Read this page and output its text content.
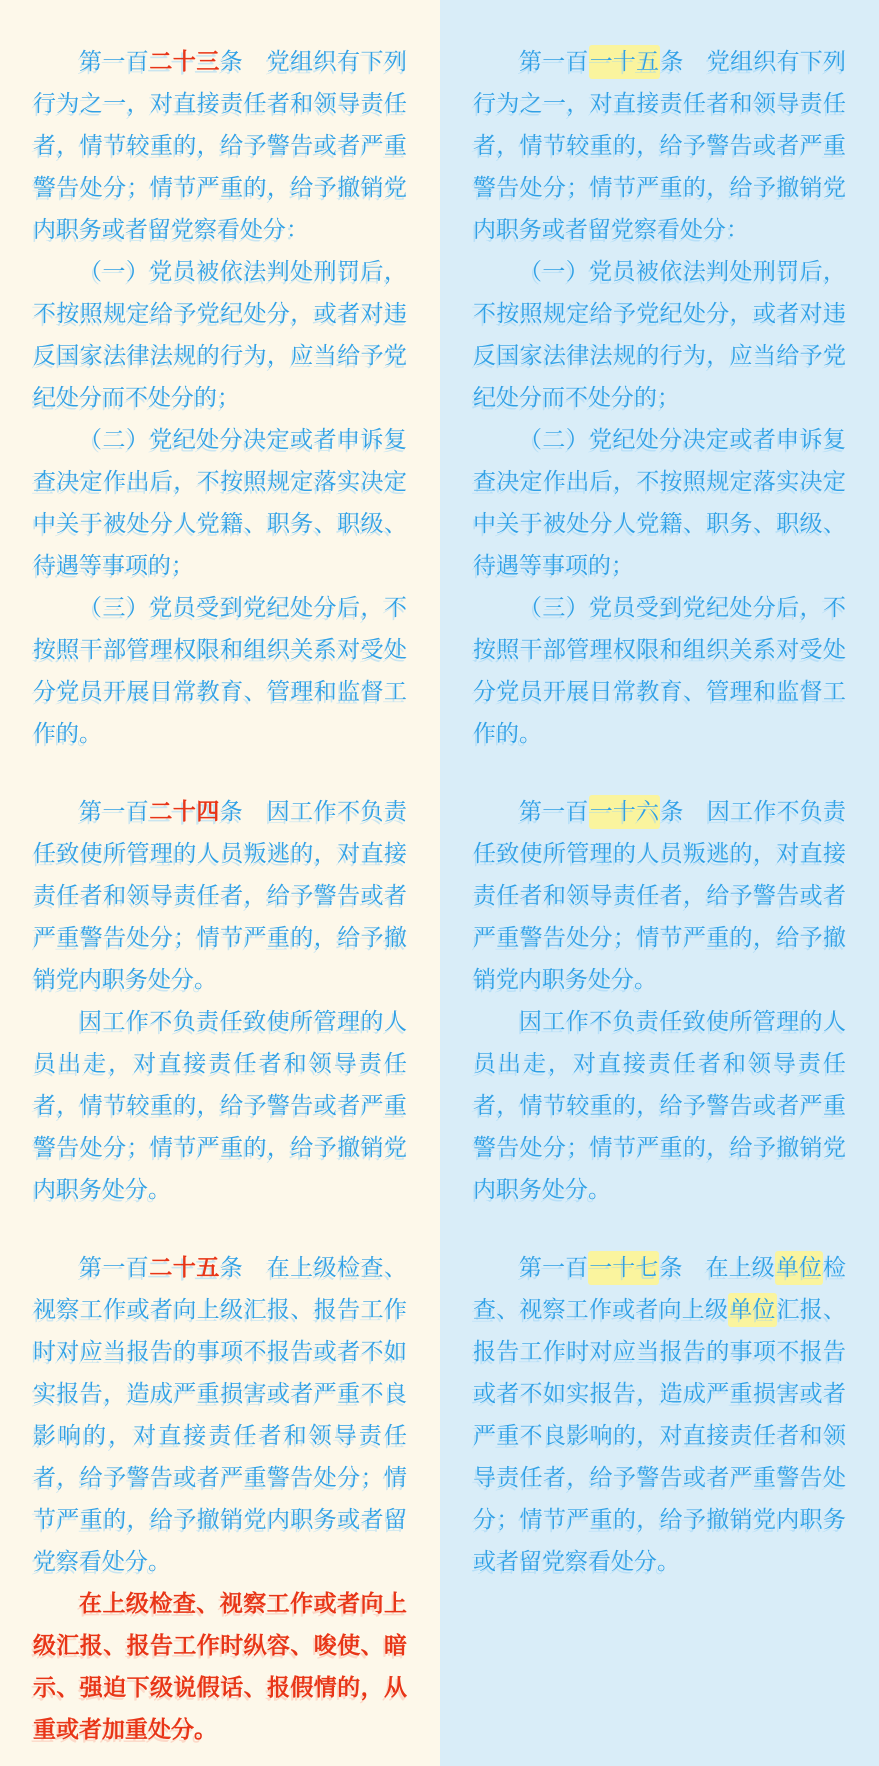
第一百二十三条　党组织有下列行为之一，对直接责任者和领导责任者，情节较重的，给予警告或者严重警告处分；情节严重的，给予撤销党内职务或者留党察看处分：

（一）党员被依法判处刑罚后，不按照规定给予党纪处分，或者对违反国家法律法规的行为，应当给予党纪处分而不处分的；

（二）党纪处分决定或者申诉复查决定作出后，不按照规定落实决定中关于被处分人党籍、职务、职级、待遇等事项的；

（三）党员受到党纪处分后，不按照干部管理权限和组织关系对受处分党员开展日常教育、管理和监督工作的。

第一百二十四条　因工作不负责任致使所管理的人员叛逃的，对直接责任者和领导责任者，给予警告或者严重警告处分；情节严重的，给予撤销党内职务处分。

因工作不负责任致使所管理的人员出走，对直接责任者和领导责任者，情节较重的，给予警告或者严重警告处分；情节严重的，给予撤销党内职务处分。

第一百二十五条　在上级检查、视察工作或者向上级汇报、报告工作时对应当报告的事项不报告或者不如实报告，造成严重损害或者严重不良影响的，对直接责任者和领导责任者，给予警告或者严重警告处分；情节严重的，给予撤销党内职务或者留党察看处分。

在上级检查、视察工作或者向上级汇报、报告工作时纵容、唆使、暗示、强迫下级说假话、报假情的，从重或者加重处分。

第一百一十五条　党组织有下列行为之一，对直接责任者和领导责任者，情节较重的，给予警告或者严重警告处分；情节严重的，给予撤销党内职务或者留党察看处分：

（一）党员被依法判处刑罚后，不按照规定给予党纪处分，或者对违反国家法律法规的行为，应当给予党纪处分而不处分的；

（二）党纪处分决定或者申诉复查决定作出后，不按照规定落实决定中关于被处分人党籍、职务、职级、待遇等事项的；

（三）党员受到党纪处分后，不按照干部管理权限和组织关系对受处分党员开展日常教育、管理和监督工作的。

第一百一十六条　因工作不负责任致使所管理的人员叛逃的，对直接责任者和领导责任者，给予警告或者严重警告处分；情节严重的，给予撤销党内职务处分。

因工作不负责任致使所管理的人员出走，对直接责任者和领导责任者，情节较重的，给予警告或者严重警告处分；情节严重的，给予撤销党内职务处分。

第一百一十七条　在上级单位检查、视察工作或者向上级单位汇报、报告工作时对应当报告的事项不报告或者不如实报告，造成严重损害或者严重不良影响的，对直接责任者和领导责任者，给予警告或者严重警告处分；情节严重的，给予撤销党内职务或者留党察看处分。
